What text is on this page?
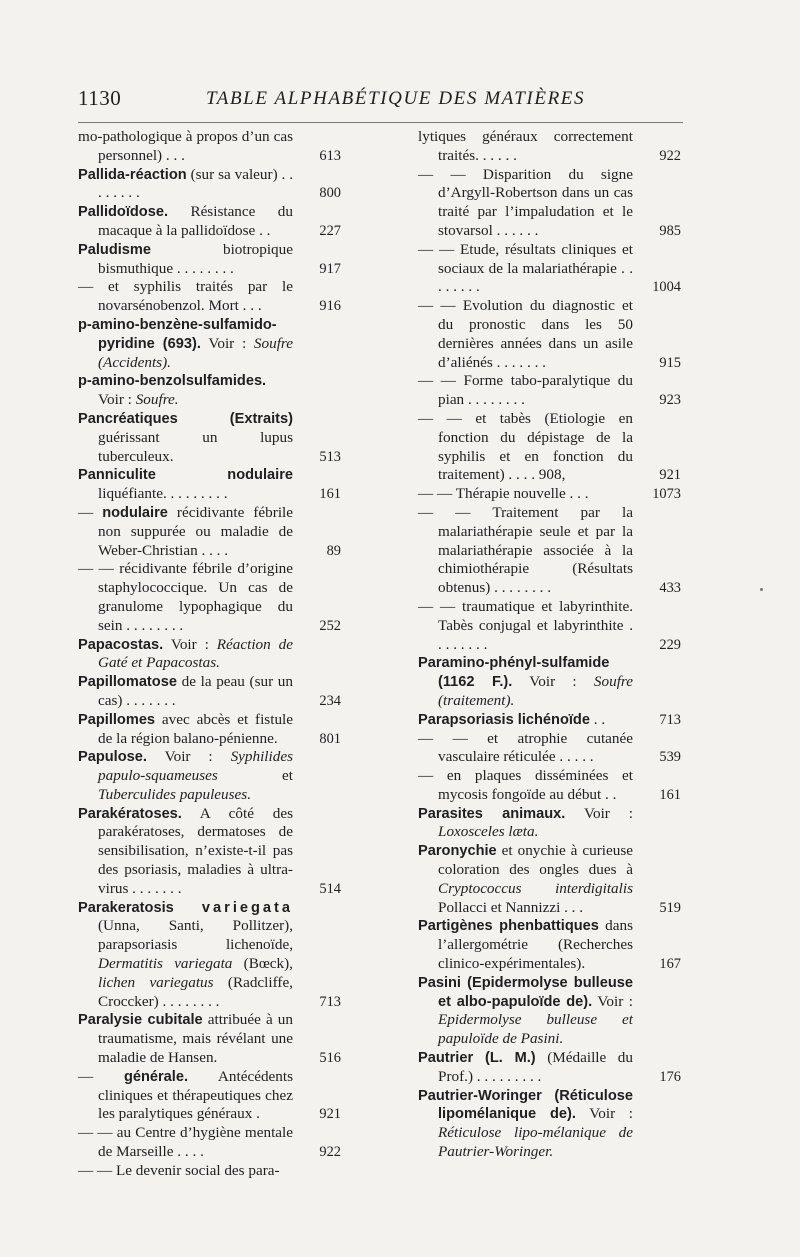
1130	TABLE ALPHABÉTIQUE DES MATIÈRES
mo-pathologique à propos d’un cas personnel) . . .	613
Pallida-réaction (sur sa valeur) . . . . . . . .	800
Pallidoïdose. Résistance du macaque à la pallidoïdose . .	227
Paludisme biotropique bismuthique . . . . . . . .	917
— et syphilis traités par le novarsénobenzol. Mort . . .	916
p-amino-benzène-sulfamido-pyridine (693). Voir : Soufre (Accidents).
p-amino-benzolsulfamides. Voir : Soufre.
Pancréatiques (Extraits) guérissant un lupus tuberculeux.	513
Panniculite nodulaire liquéfiante. . . . . . . . .	161
— nodulaire récidivante fébrile non suppurée ou maladie de Weber-Christian . . . .	89
— — récidivante fébrile d’origine staphylococcique. Un cas de granulome lypophagique du sein . . . . . . . .	252
Papacostas. Voir : Réaction de Gaté et Papacostas.
Papillomatose de la peau (sur un cas) . . . . . . .	234
Papillomes avec abcès et fistule de la région balano-pénienne.	801
Papulose. Voir : Syphilides papulo-squameuses et Tuberculides papuleuses.
Parakératoses. A côté des parakératoses, dermatoses de sensibilisation, n’existe-t-il pas des psoriasis, maladies à ultra-virus . . . . . . .	514
Parakeratosis variegata (Unna, Santi, Pollitzer), parapsoriasis lichenoïde, Dermatitis variegata (Bœck), lichen variegatus (Radcliffe, Croccker) . . . . . . . .	713
Paralysie cubitale attribuée à un traumatisme, mais révélant une maladie de Hansen.	516
— générale. Antécédents cliniques et thérapeutiques chez les paralytiques généraux .	921
— — au Centre d’hygiène mentale de Marseille . . . .	922
— — Le devenir social des para-
lytiques généraux correctement traités. . . . . .	922
— — Disparition du signe d’Argyll-Robertson dans un cas traité par l’impaludation et le stovarsol . . . . . .	985
— — Etude, résultats cliniques et sociaux de la malariathérapie . . . . . . . .	1004
— — Evolution du diagnostic et du pronostic dans les 50 dernières années dans un asile d’aliénés . . . . . . .	915
— — Forme tabo-paralytique du pian . . . . . . . .	923
— — et tabès (Etiologie en fonction du dépistage de la syphilis et en fonction du traitement) . . . . 908,	921
— — Thérapie nouvelle . . .	1073
— — Traitement par la malariathérapie seule et par la malariathérapie associée à la chimiothérapie (Résultats obtenus) . . . . . . . .	433
— — traumatique et labyrinthite. Tabès conjugal et labyrinthite . . . . . . . .	229
Paramino-phényl-sulfamide (1162 F.). Voir : Soufre (traitement).
Parapsoriasis lichénoïde . .	713
— — et atrophie cutanée vasculaire réticulée . . . . .	539
— en plaques disséminées et mycosis fongoïde au début . .	161
Parasites animaux. Voir : Loxosceles læta.
Paronychie et onychie à curieuse coloration des ongles dues à Cryptococcus interdigitalis Pollacci et Nannizzi . . .	519
Partigènes phenbattiques dans l’allergométrie (Recherches clinico-expérimentales).	167
Pasini (Epidermolyse bulleuse et albo-papuloïde de). Voir : Epidermolyse bulleuse et papuloïde de Pasini.
Pautrier (L. M.) (Médaille du Prof.) . . . . . . . . .	176
Pautrier-Woringer (Réticulose lipomélanique de). Voir : Réticulose lipo-mélanique de Pautrier-Woringer.
